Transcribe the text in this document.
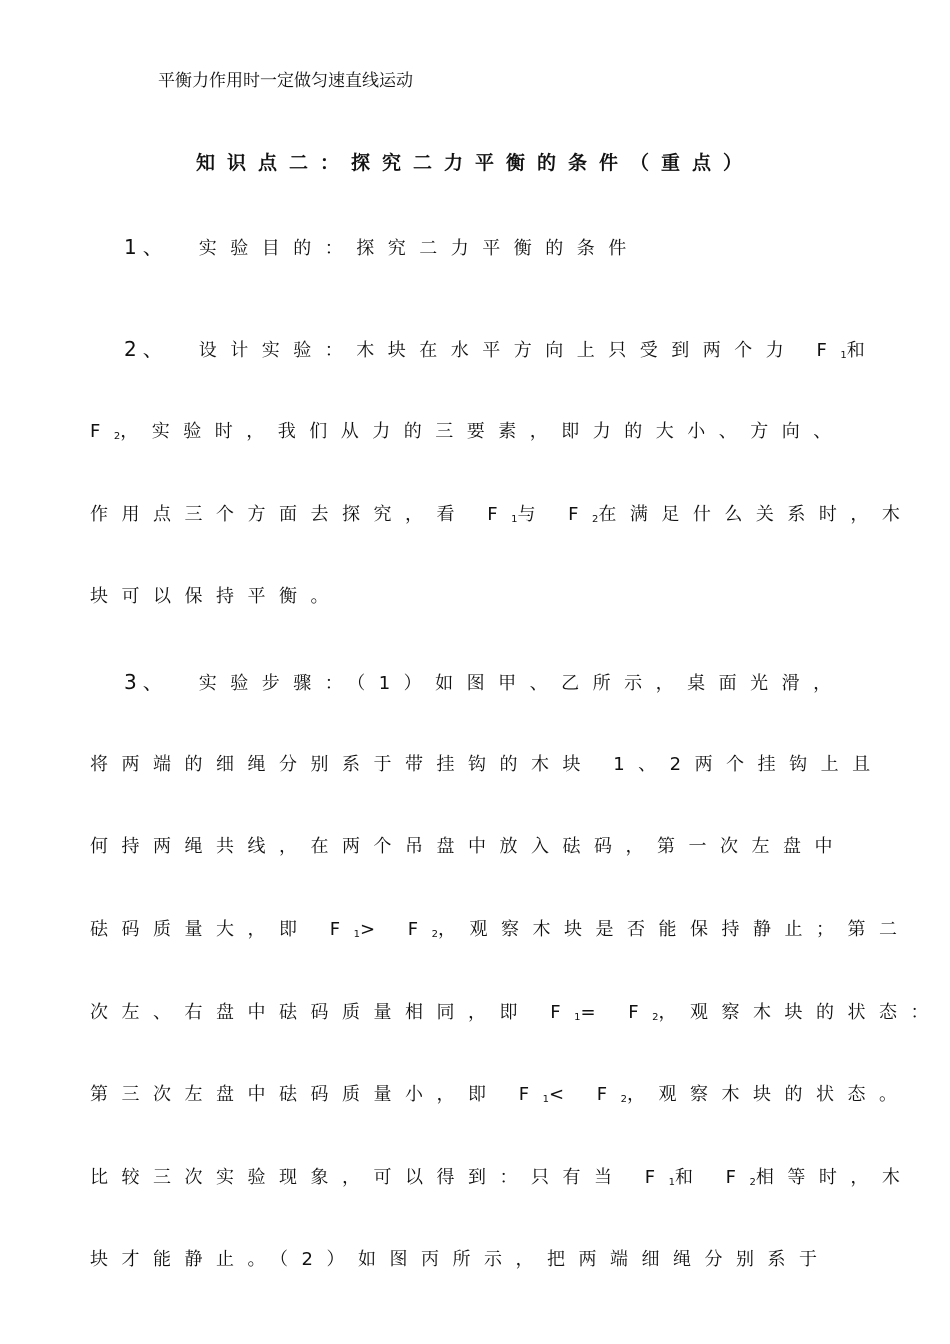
平衡力作用时一定做匀速直线运动
知识点二：探究二力平衡的条件（重点）
1、 实验目的：探究二力平衡的条件
2、 设计实验：木块在水平方向上只受到两个力 $F_1$和
$F_2$，实验时，我们从力的三要素，即力的大小、方向、
作用点三个方面去探究，看 $F_1$与 $F_2$在满足什么关系时，木
块可以保持平衡。
3、 实验步骤：（1）如图甲、乙所示，桌面光滑，
将两端的细绳分别系于带挂钩的木块 1、2两个挂钩上且
何持两绳共线，在两个吊盘中放入砝码，第一次左盘中
砝码质量大，即 $F_1> F_2$，观察木块是否能保持静止；第二
次左、右盘中砝码质量相同，即 $F_1= F_2$，观察木块的状态：
第三次左盘中砝码质量小，即 $F_1< F_2$，观察木块的状态。
比较三次实验现象，可以得到：只有当 $F_1$和 $F_2$相等时，木
块才能静止。（2）如图丙所示，把两端细绳分别系于
